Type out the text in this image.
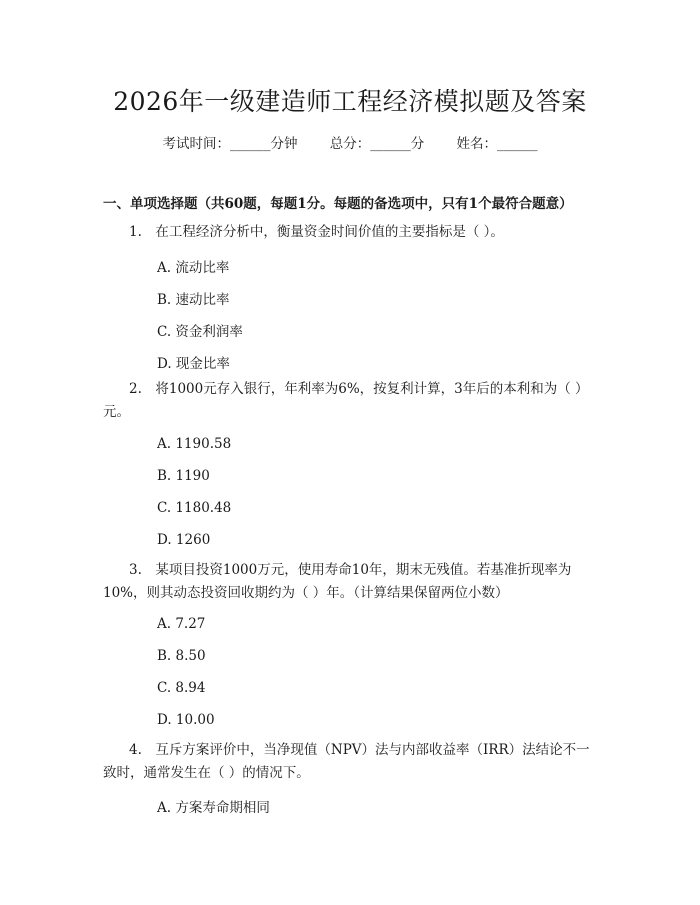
2026年一级建造师工程经济模拟题及答案
考试时间：______分钟 总分：______分 姓名：______
一、单项选择题（共60题，每题1分。每题的备选项中，只有1个最符合题意）
1.　在工程经济分析中，衡量资金时间价值的主要指标是（ ）。
A. 流动比率
B. 速动比率
C. 资金利润率
D. 现金比率
2.　将1000元存入银行，年利率为6%，按复利计算，3年后的本利和为（ ）元。
A. 1190.58
B. 1190
C. 1180.48
D. 1260
3.　某项目投资1000万元，使用寿命10年，期末无残值。若基准折现率为10%，则其动态投资回收期约为（ ）年。（计算结果保留两位小数）
A. 7.27
B. 8.50
C. 8.94
D. 10.00
4.　互斥方案评价中，当净现值（NPV）法与内部收益率（IRR）法结论不一致时，通常发生在（ ）的情况下。
A. 方案寿命期相同
